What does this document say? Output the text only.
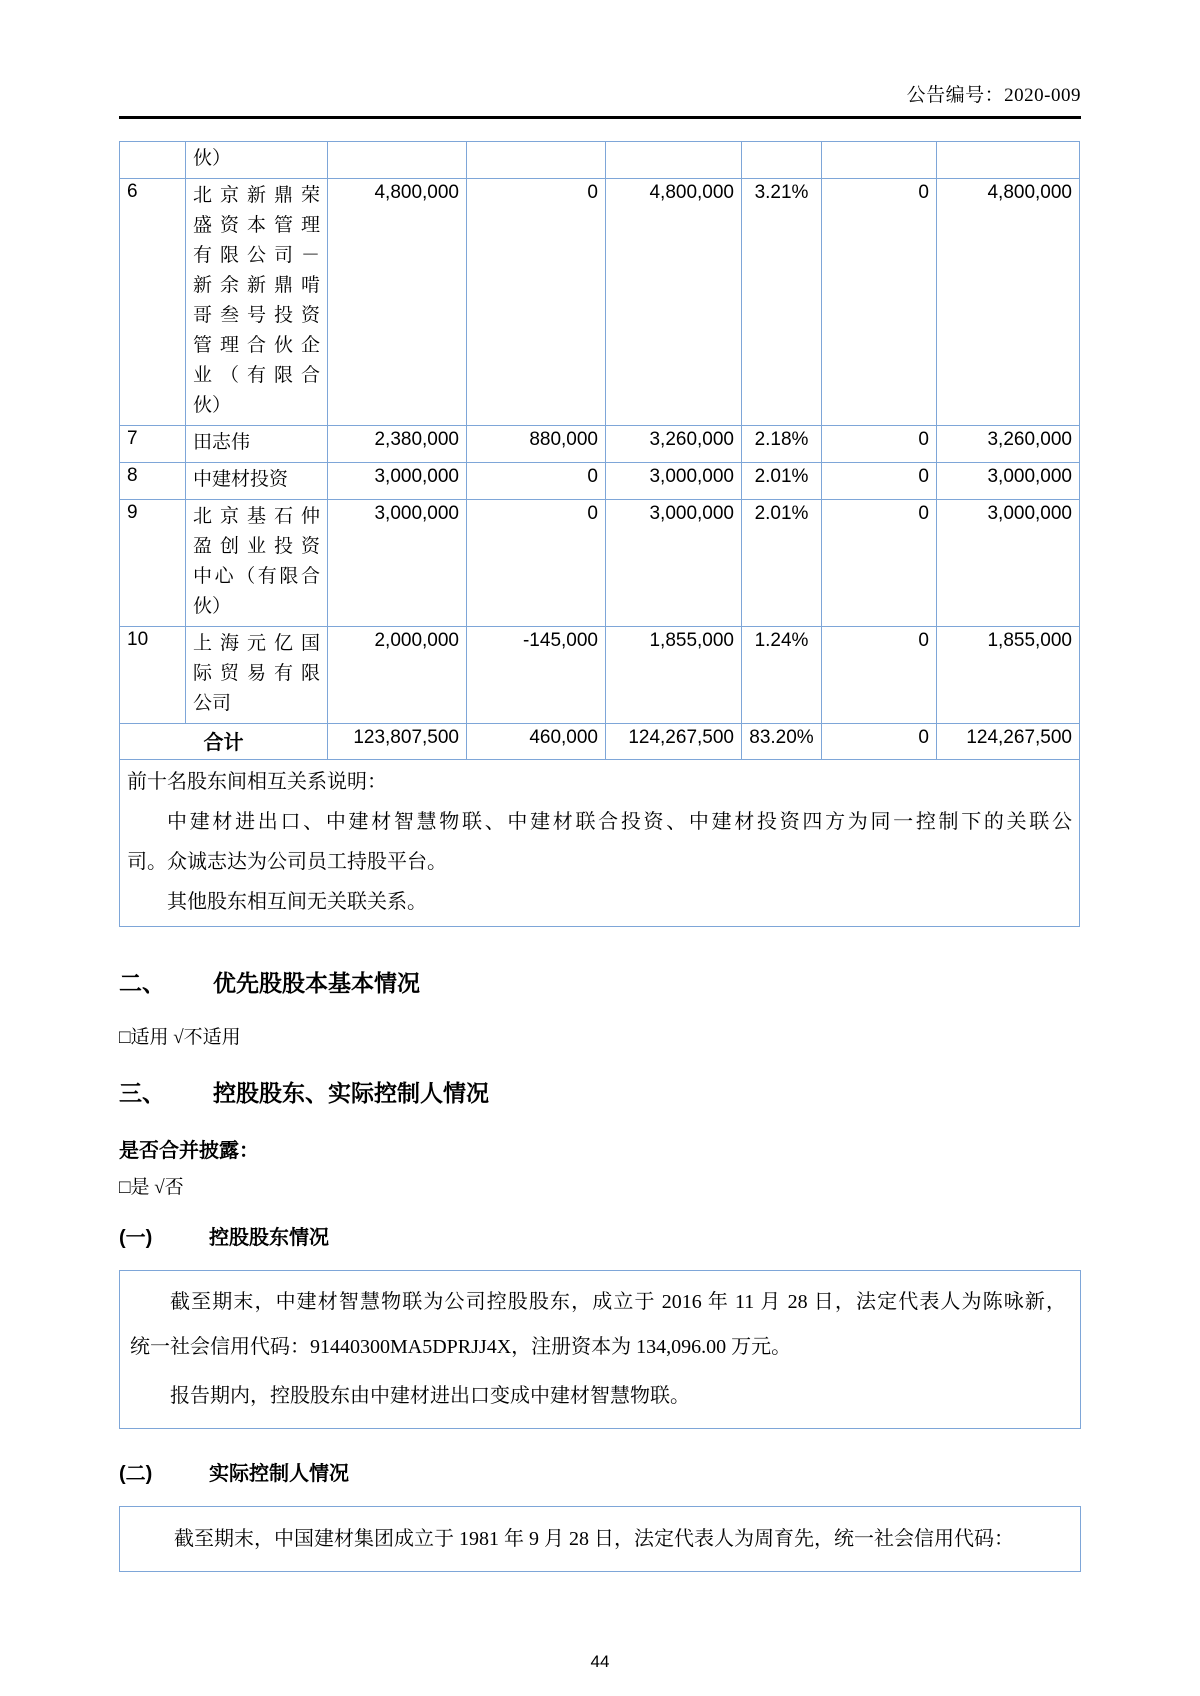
公告编号：2020-009

	伙）						

6	北京新鼎荣
盛资本管理
有限公司－
新余新鼎啃
哥叁号投资
管理合伙企
业（有限合
伙）
	4,800,000	0	4,800,000	3.21%	0	4,800,000
7	田志伟	2,380,000	880,000	3,260,000	2.18%	0	3,260,000
8	中建材投资	3,000,000	0	3,000,000	2.01%	0	3,000,000
9	北京基石仲
盈创业投资
中心（有限合
伙）	3,000,000	0	3,000,000	2.01%	0	3,000,000
10	上海元亿国
际贸易有限
公司	2,000,000	-145,000	1,855,000	1.24%	0	1,855,000
合计		123,807,500	460,000	124,267,500	83.20%	0	124,267,500

前十名股东间相互关系说明：
中建材进出口、中建材智慧物联、中建材联合投资、中建材投资四方为同一控制下的关联公
司。众诚志达为公司员工持股平台。
其他股东相互间无关联关系。							
二、	优先股股本基本情况
□适用 √不适用
三、	控股股东、实际控制人情况
是否合并披露：
□是 √否
(一)	控股股东情况
截至期末，中建材智慧物联为公司控股股东，成立于 2016 年 11 月 28 日，法定代表人为陈咏新，
统一社会信用代码：91440300MA5DPRJJ4X，注册资本为 134,096.00 万元。
报告期内，控股股东由中建材进出口变成中建材智慧物联。
(二)	实际控制人情况
截至期末，中国建材集团成立于 1981 年 9 月 28 日，法定代表人为周育先，统一社会信用代码：
44
